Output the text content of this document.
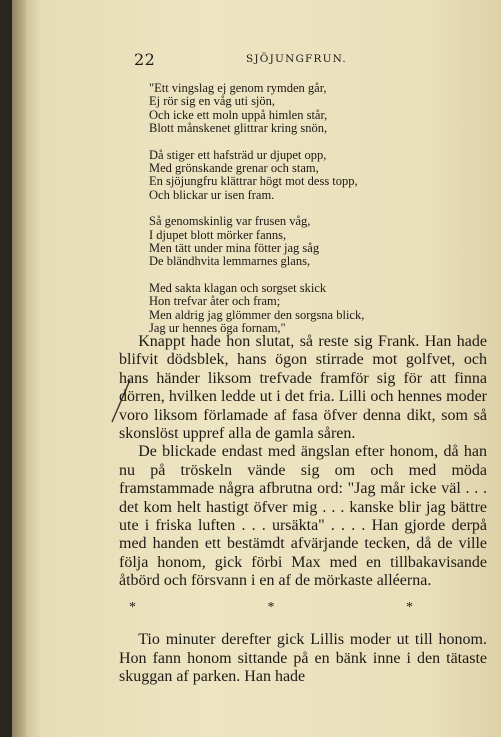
22	SJÖJUNGFRUN.
"Ett vingslag ej genom rymden går,
Ej rör sig en våg uti sjön,
Och icke ett moln uppå himlen står,
Blott månskenet glittrar kring snön,
Då stiger ett hafsträd ur djupet opp,
Med grönskande grenar och stam,
En sjöjungfru klättrar högt mot dess topp,
Och blickar ur isen fram.
Så genomskinlig var frusen våg,
I djupet blott mörker fanns,
Men tätt under mina fötter jag såg
De bländhvita lemmarnes glans,
Med sakta klagan och sorgset skick
Hon trefvar åter och fram;
Men aldrig jag glömmer den sorgsna blick,
Jag ur hennes öga fornam,"

Knappt hade hon slutat, så reste sig Frank. Han hade blifvit dödsblek, hans ögon stirrade mot golfvet, och hans händer liksom trefvade framför sig för att finna dörren, hvilken ledde ut i det fria. Lilli och hennes moder voro liksom förlamade af fasa öfver denna dikt, som så skonslöst uppref alla de gamla såren.

De blickade endast med ängslan efter honom, då han nu på tröskeln vände sig om och med möda framstammade några afbrutna ord: "Jag mår icke väl . . . det kom helt hastigt öfver mig . . . kanske blir jag bättre ute i friska luften . . . ursäkta" . . . . Han gjorde derpå med handen ett bestämdt afvärjande tecken, då de ville följa honom, gick förbi Max med en tillbakavisande åtbörd och försvann i en af de mörkaste alléerna.

* * *

Tio minuter derefter gick Lillis moder ut till honom. Hon fann honom sittande på en bänk inne i den tätaste skuggan af parken. Han hade
